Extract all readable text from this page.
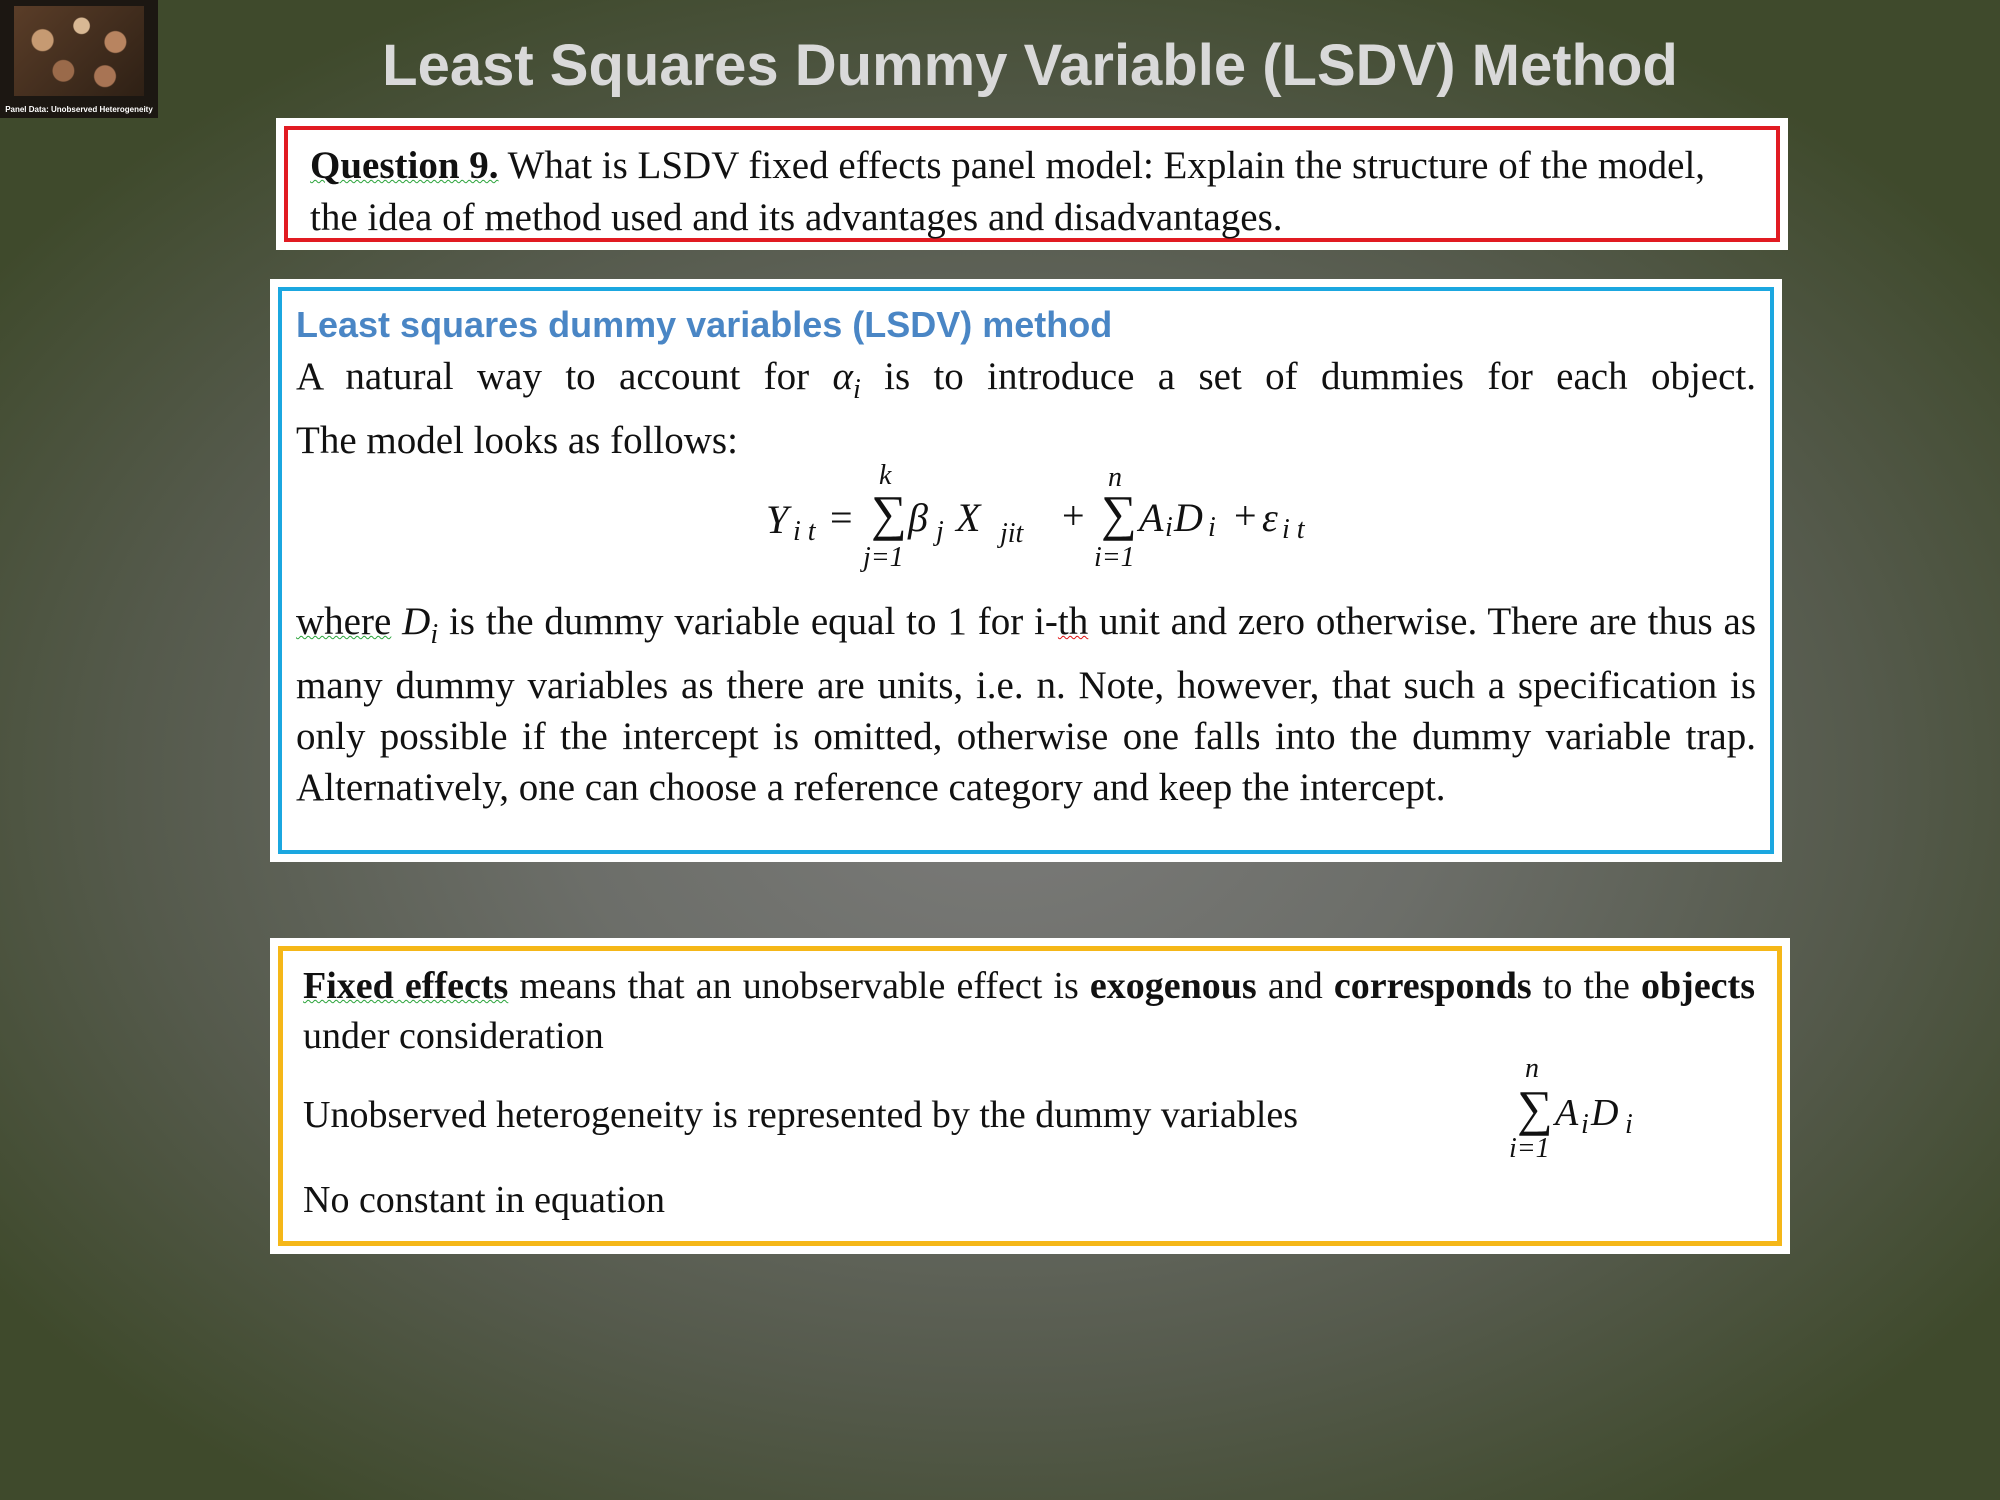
Panel Data: Unobserved Heterogeneity
Least Squares Dummy Variable (LSDV) Method
Question 9. What is LSDV fixed effects panel model: Explain the structure of the model, the idea of method used and its advantages and disadvantages.
Least squares dummy variables (LSDV) method
A natural way to account for $\alpha_i$ is to introduce a set of dummies for each object.
The model looks as follows:
Y i t =
k
∑
j=1
β j X jit +
n
∑
i=1
A i D i + ε i t
where $D_i$ is the dummy variable equal to 1 for i-th unit and zero otherwise. There are thus as many dummy variables as there are units, i.e. n. Note, however, that such a specification is only possible if the intercept is omitted, otherwise one falls into the dummy variable trap. Alternatively, one can choose a reference category and keep the intercept.
Fixed effects means that an unobservable effect is exogenous and corresponds to the objects under consideration
Unobserved heterogeneity is represented by the dummy variables
n
∑
i=1
A i D i
No constant in equation
